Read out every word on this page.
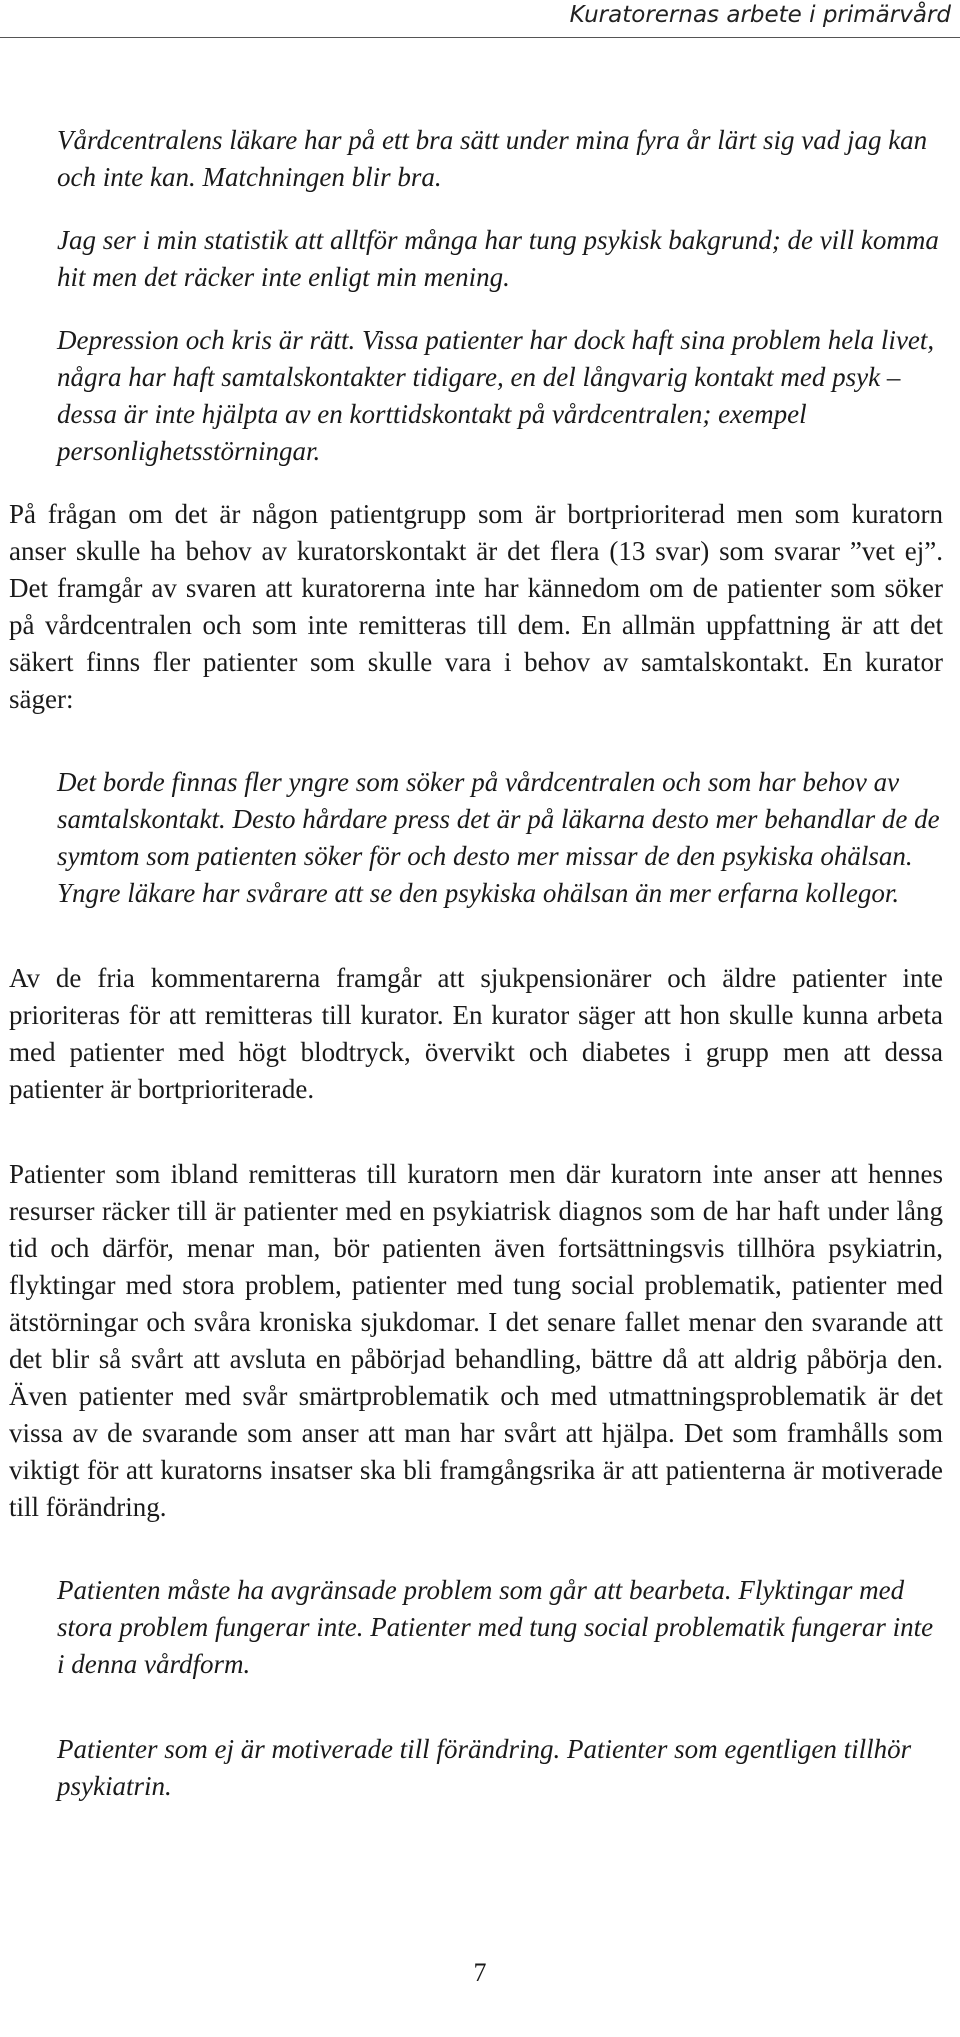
Kuratorernas arbete i primärvård

Vårdcentralens läkare har på ett bra sätt under mina fyra år lärt sig vad jag kan och inte kan. Matchningen blir bra.

Jag ser i min statistik att alltför många har tung psykisk bakgrund; de vill komma hit men det räcker inte enligt min mening.

Depression och kris är rätt. Vissa patienter har dock haft sina problem hela livet, några har haft samtalskontakter tidigare, en del långvarig kontakt med psyk – dessa är inte hjälpta av en korttidskontakt på vårdcentralen; exempel personlighetsstörningar.

På frågan om det är någon patientgrupp som är bortprioriterad men som kuratorn anser skulle ha behov av kuratorskontakt är det flera (13 svar) som svarar ”vet ej”. Det framgår av svaren att kuratorerna inte har kännedom om de patienter som söker på vårdcentralen och som inte remitteras till dem. En allmän uppfattning är att det säkert finns fler patienter som skulle vara i behov av samtalskontakt. En kurator säger:

Det borde finnas fler yngre som söker på vårdcentralen och som har behov av samtalskontakt. Desto hårdare press det är på läkarna desto mer behandlar de de symtom som patienten söker för och desto mer missar de den psykiska ohälsan. Yngre läkare har svårare att se den psykiska ohälsan än mer erfarna kollegor.

Av de fria kommentarerna framgår att sjukpensionärer och äldre patienter inte prioriteras för att remitteras till kurator. En kurator säger att hon skulle kunna arbeta med patienter med högt blodtryck, övervikt och diabetes i grupp men att dessa patienter är bortprioriterade.

Patienter som ibland remitteras till kuratorn men där kuratorn inte anser att hennes resurser räcker till är patienter med en psykiatrisk diagnos som de har haft under lång tid och därför, menar man, bör patienten även fortsättningsvis tillhöra psykiatrin, flyktingar med stora problem, patienter med tung social problematik, patienter med ätstörningar och svåra kroniska sjukdomar. I det senare fallet menar den svarande att det blir så svårt att avsluta en påbörjad behandling, bättre då att aldrig påbörja den. Även patienter med svår smärtproblematik och med utmattningsproblematik är det vissa av de svarande som anser att man har svårt att hjälpa. Det som framhålls som viktigt för att kuratorns insatser ska bli framgångsrika är att patienterna är motiverade till förändring.

Patienten måste ha avgränsade problem som går att bearbeta. Flyktingar med stora problem fungerar inte. Patienter med tung social problematik fungerar inte i denna vårdform.

Patienter som ej är motiverade till förändring. Patienter som egentligen tillhör psykiatrin.

7
